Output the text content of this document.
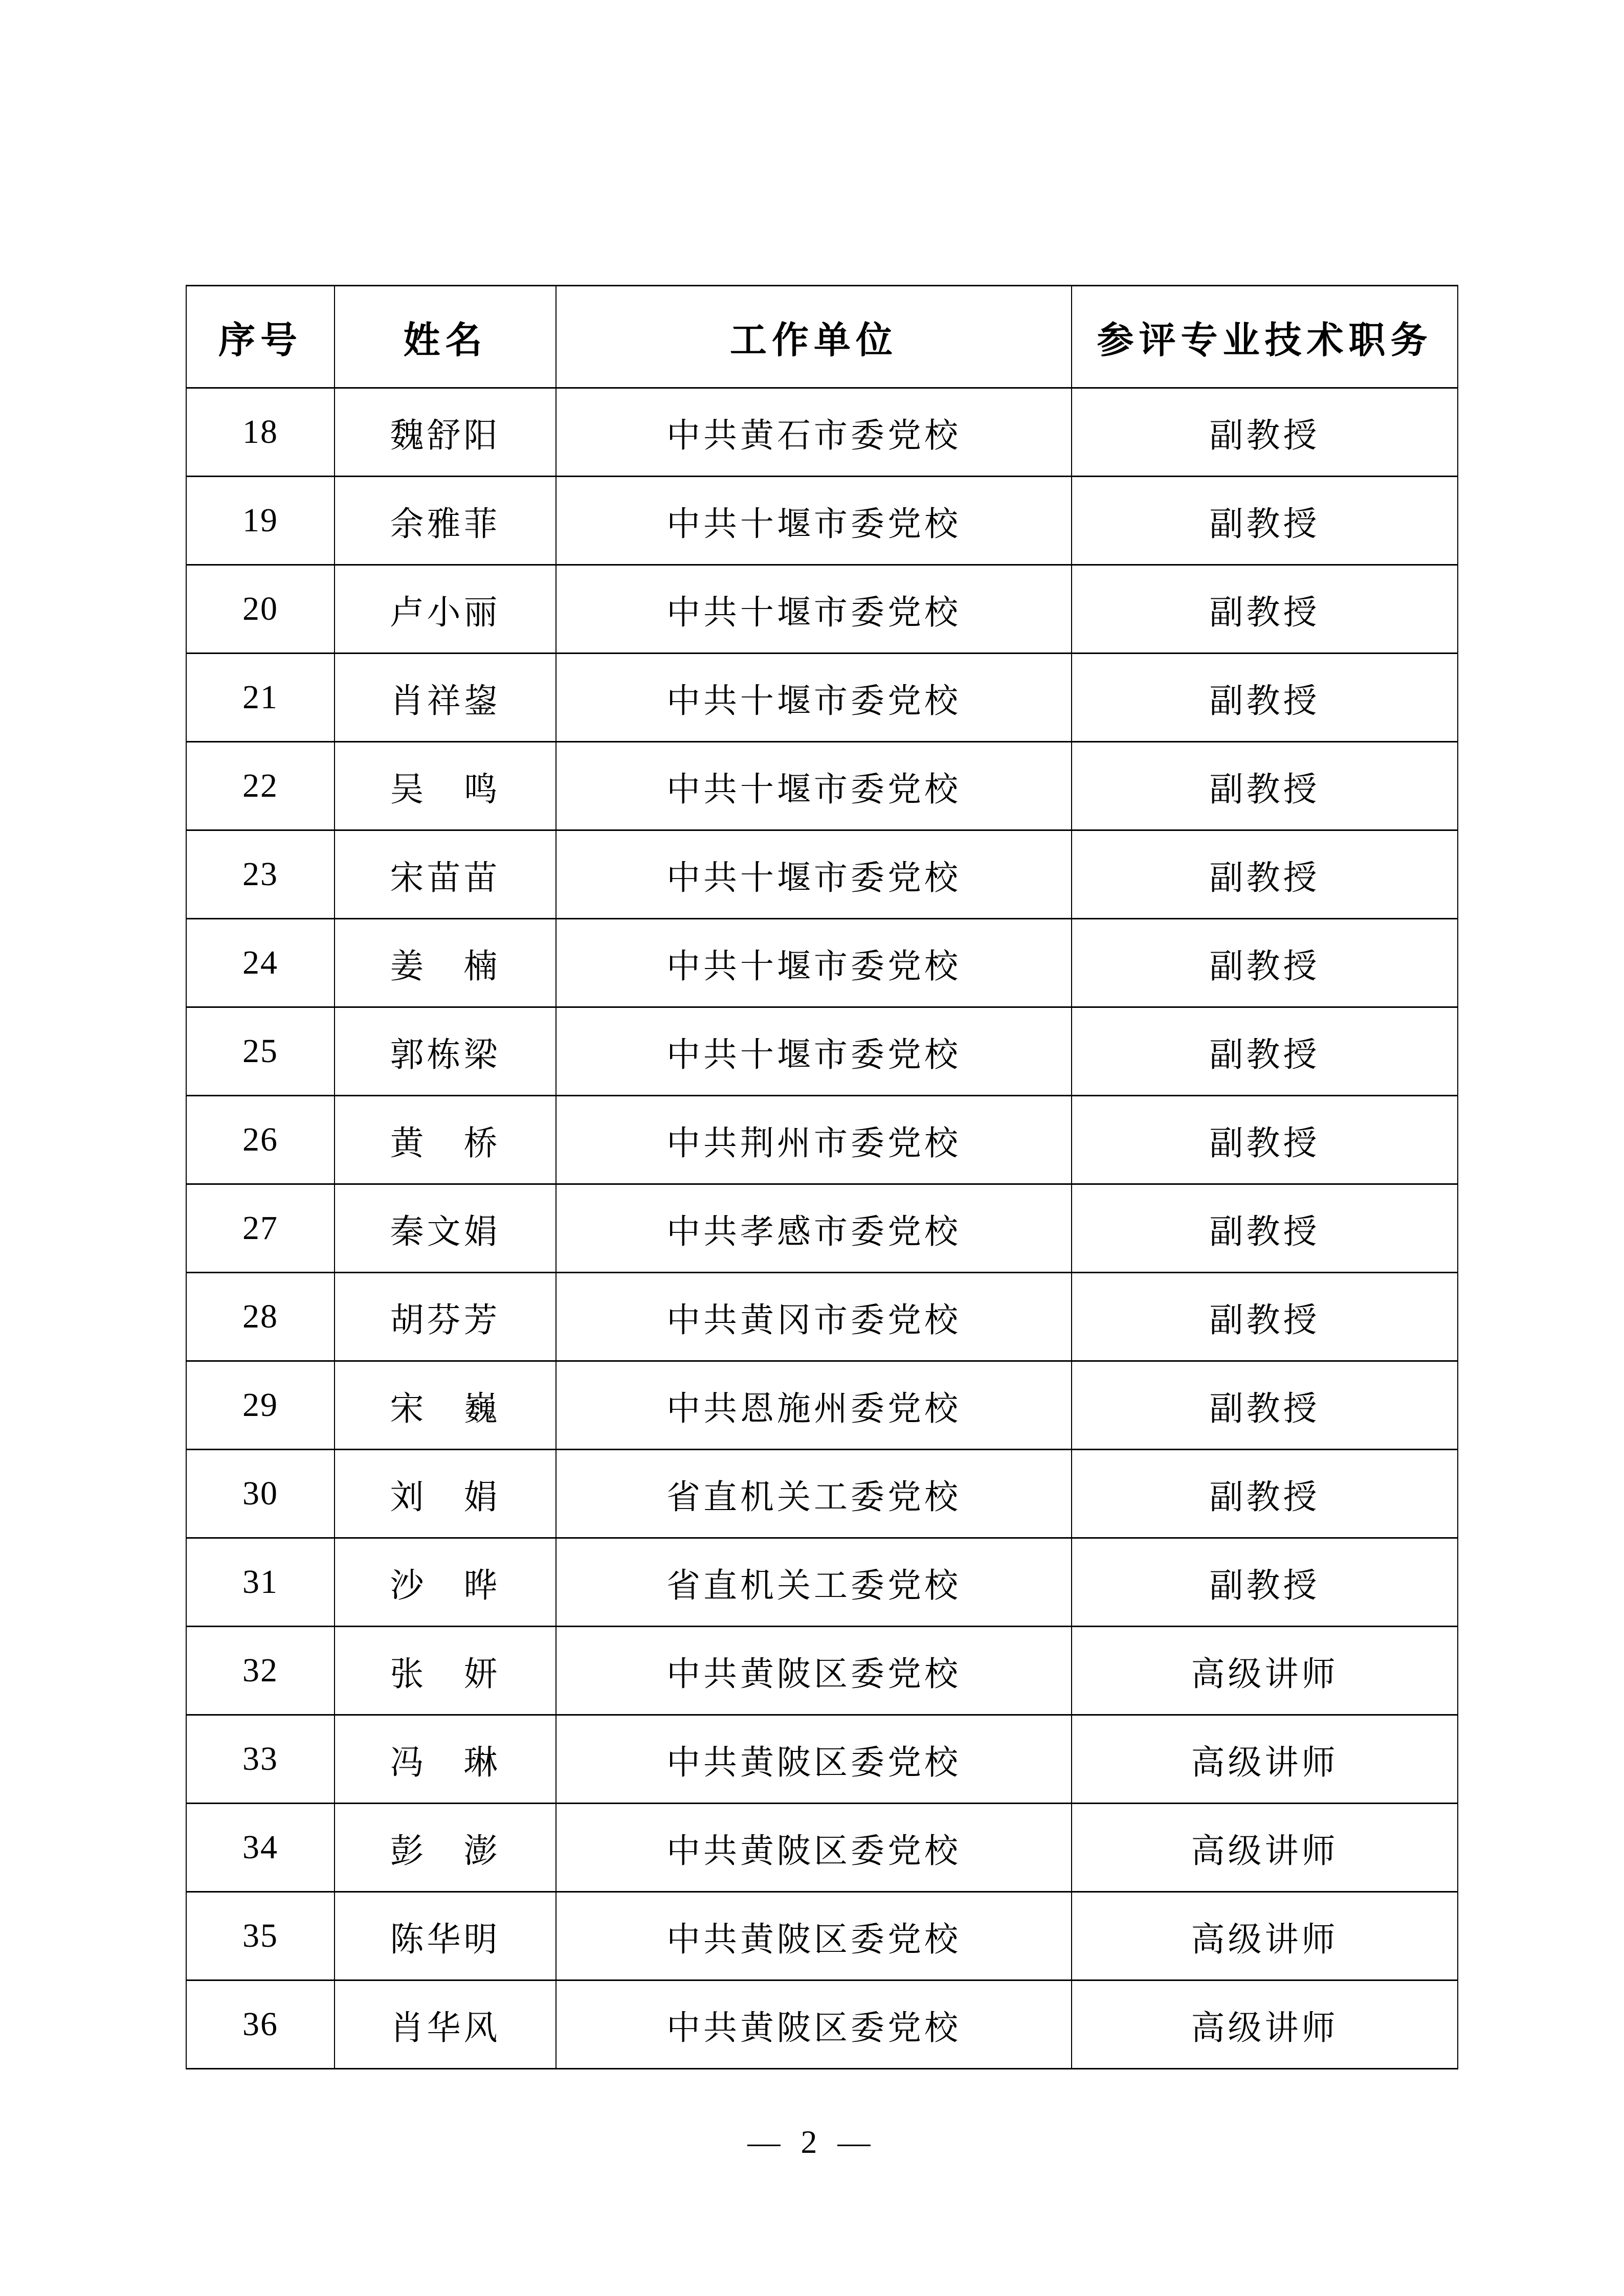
序号	姓名	工作单位	参评专业技术职务
18	魏舒阳	中共黄石市委党校	副教授
19	余雅菲	中共十堰市委党校	副教授
20	卢小丽	中共十堰市委党校	副教授
21	肖祥鋆	中共十堰市委党校	副教授
22	吴　鸣	中共十堰市委党校	副教授
23	宋苗苗	中共十堰市委党校	副教授
24	姜　楠	中共十堰市委党校	副教授
25	郭栋梁	中共十堰市委党校	副教授
26	黄　桥	中共荆州市委党校	副教授
27	秦文娟	中共孝感市委党校	副教授
28	胡芬芳	中共黄冈市委党校	副教授
29	宋　巍	中共恩施州委党校	副教授
30	刘　娟	省直机关工委党校	副教授
31	沙　晔	省直机关工委党校	副教授
32	张　妍	中共黄陂区委党校	高级讲师
33	冯　琳	中共黄陂区委党校	高级讲师
34	彭　澎	中共黄陂区委党校	高级讲师
35	陈华明	中共黄陂区委党校	高级讲师
36	肖华风	中共黄陂区委党校	高级讲师
— 2 —
